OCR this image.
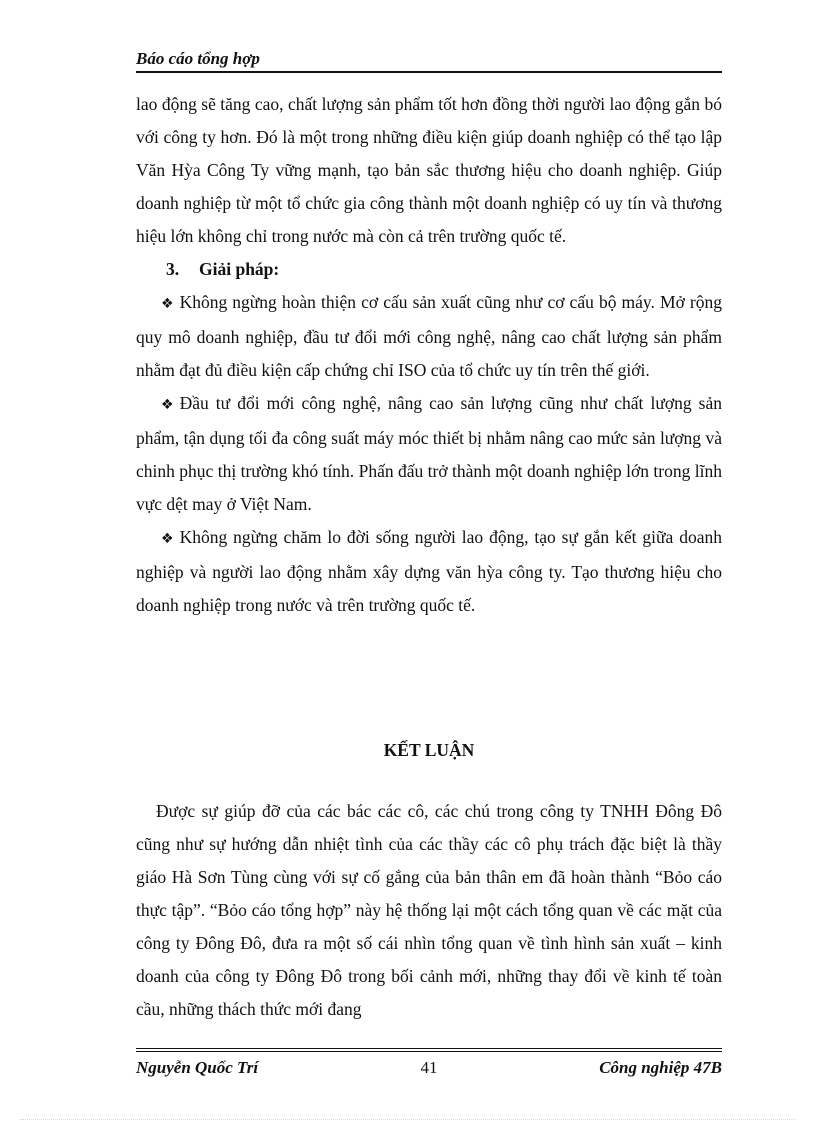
Báo cáo tổng hợp

lao động sẽ tăng cao, chất lượng sản phẩm tốt hơn đồng thời người lao động gắn bó với công ty hơn. Đó là một trong những điều kiện giúp doanh nghiệp có thể tạo lập Văn Hỳa Công Ty vững mạnh, tạo bản sắc thương hiệu cho doanh nghiệp. Giúp doanh nghiệp từ một tổ chức gia công thành một doanh nghiệp có uy tín và thương hiệu lớn không chỉ trong nước mà còn cả trên trường quốc tế.

3. Giải pháp:

❖ Không ngừng hoàn thiện cơ cấu sản xuất cũng như cơ cấu bộ máy. Mở rộng quy mô doanh nghiệp, đầu tư đổi mới công nghệ, nâng cao chất lượng sản phẩm nhằm đạt đủ điều kiện cấp chứng chỉ ISO của tổ chức uy tín trên thế giới.

❖ Đầu tư đổi mới công nghệ, nâng cao sản lượng cũng như chất lượng sản phẩm, tận dụng tối đa công suất máy móc thiết bị nhằm nâng cao mức sản lượng và chinh phục thị trường khó tính. Phấn đấu trở thành một doanh nghiệp lớn trong lĩnh vực dệt may ở Việt Nam.

❖ Không ngừng chăm lo đời sống người lao động, tạo sự gắn kết giữa doanh nghiệp và người lao động nhằm xây dựng văn hỳa công ty. Tạo thương hiệu cho doanh nghiệp trong nước và trên trường quốc tế.

KẾT LUẬN

Được sự giúp đỡ của các bác các cô, các chú trong công ty TNHH Đông Đô cũng như sự hướng dẫn nhiệt tình của các thầy các cô phụ trách đặc biệt là thầy giáo Hà Sơn Tùng cùng với sự cố gắng của bản thân em đã hoàn thành “Bỏo cáo thực tập”. “Bỏo cáo tổng hợp” này hệ thống lại một cách tổng quan về các mặt của công ty Đông Đô, đưa ra một số cái nhìn tổng quan về tình hình sản xuất – kinh doanh của công ty Đông Đô trong bối cảnh mới, những thay đổi về kinh tế toàn cầu, những thách thức mới đang

Nguyễn Quốc Trí	41	Công nghiệp 47B
